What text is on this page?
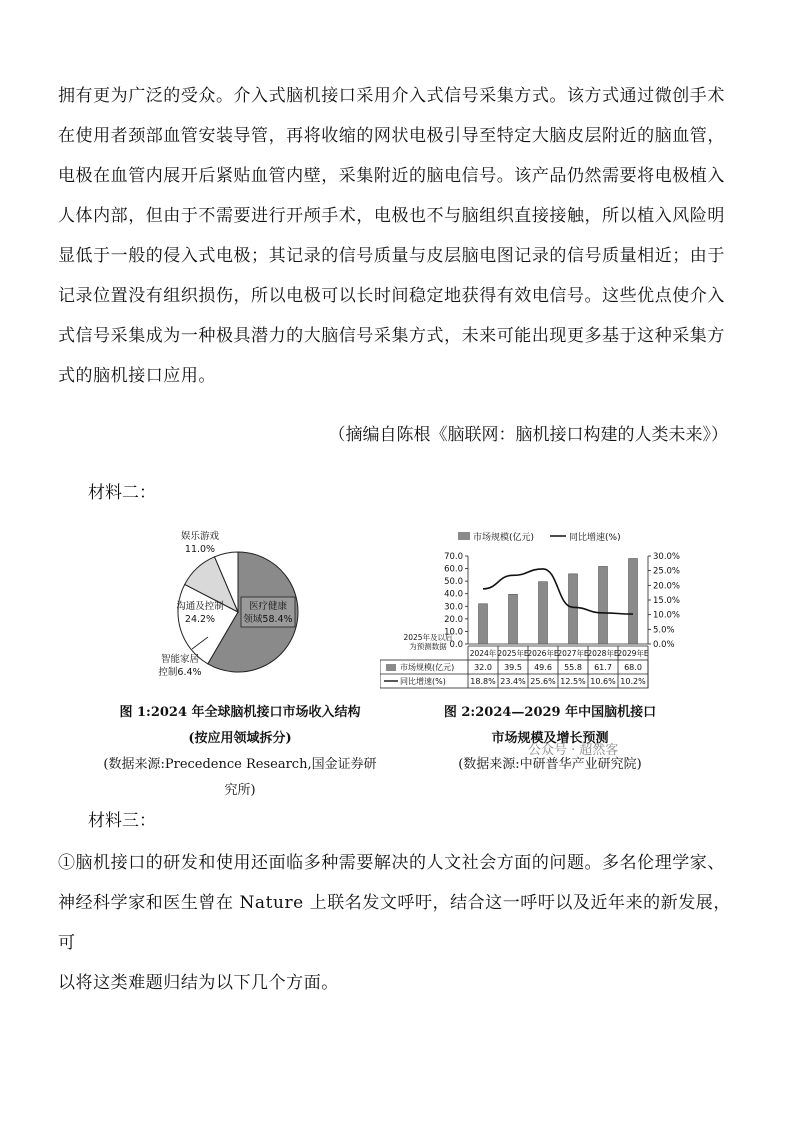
拥有更为广泛的受众。介入式脑机接口采用介入式信号采集方式。该方式通过微创手术

在使用者颈部血管安装导管，再将收缩的网状电极引导至特定大脑皮层附近的脑血管，

电极在血管内展开后紧贴血管内壁，采集附近的脑电信号。该产品仍然需要将电极植入

人体内部，但由于不需要进行开颅手术，电极也不与脑组织直接接触，所以植入风险明

显低于一般的侵入式电极；其记录的信号质量与皮层脑电图记录的信号质量相近；由于

记录位置没有组织损伤，所以电极可以长时间稳定地获得有效电信号。这些优点使介入

式信号采集成为一种极具潜力的大脑信号采集方式，未来可能出现更多基于这种采集方

式的脑机接口应用。

（摘编自陈根《脑联网：脑机接口构建的人类未来》）
材料二：
医疗健康
领域58.4%
沟通及控制
24.2%
娱乐游戏
11.0%
智能家居
控制6.4%
市场规模(亿元)	同比增速(%)
0.0
10.0
20.0
30.0
40.0
50.0
60.0
70.0
0.0%
5.0%
10.0%
15.0%
20.0%
25.0%
30.0%
2025年及以后
为预测数据
2024年
32.0
18.8%
2025年E
39.5
23.4%
2026年E
49.6
25.6%
2027年E
55.8
12.5%
2028年E
61.7
10.6%
2029年E
68.0
10.2%
市场规模(亿元)
同比增速(%)
图 1:2024 年全球脑机接口市场收入结构
(按应用领域拆分)
(数据来源:Precedence Research,国金证券研究所)
图 2:2024—2029 年中国脑机接口
市场规模及增长预测
(数据来源:中研普华产业研究院)
公众号 · 超然客
材料三：

①脑机接口的研发和使用还面临多种需要解决的人文社会方面的问题。多名伦理学家、

神经科学家和医生曾在 Nature 上联名发文呼吁，结合这一呼吁以及近年来的新发展，可

以将这类难题归结为以下几个方面。
